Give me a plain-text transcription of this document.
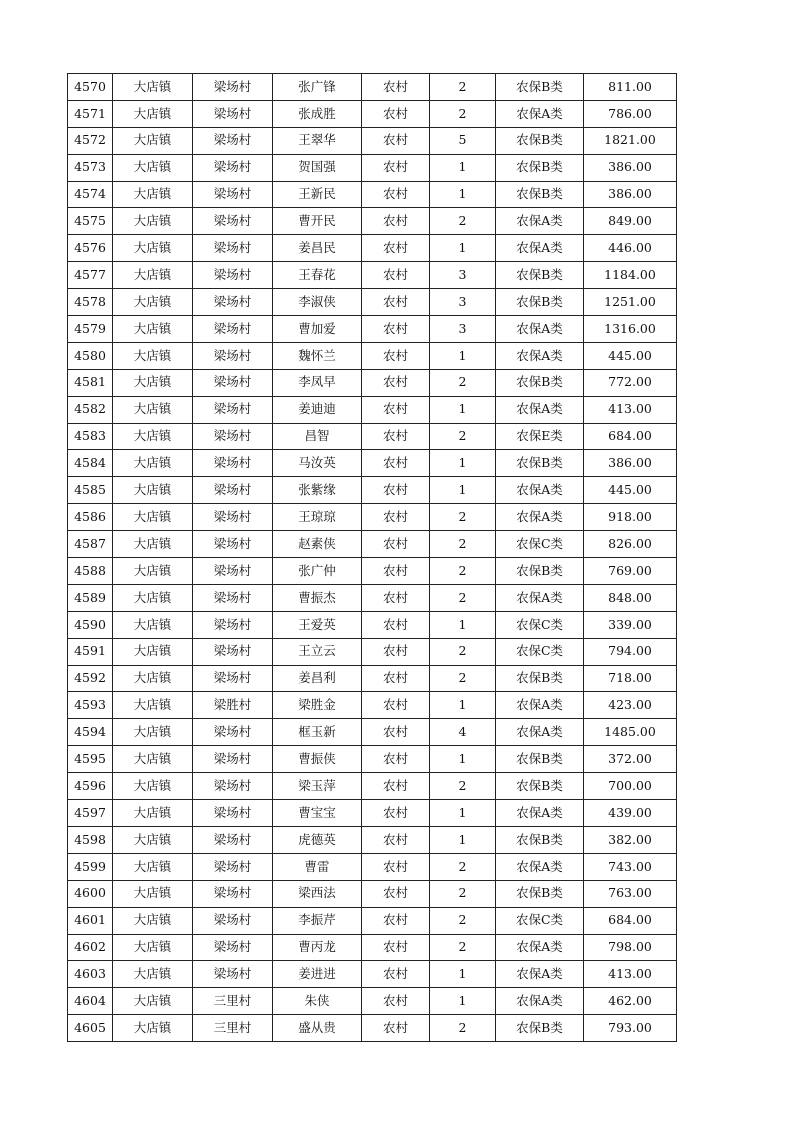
4570	大店镇	梁场村	张广锋	农村	2	农保B类	811.00
4571	大店镇	梁场村	张成胜	农村	2	农保A类	786.00
4572	大店镇	梁场村	王翠华	农村	5	农保B类	1821.00
4573	大店镇	梁场村	贺国强	农村	1	农保B类	386.00
4574	大店镇	梁场村	王新民	农村	1	农保B类	386.00
4575	大店镇	梁场村	曹开民	农村	2	农保A类	849.00
4576	大店镇	梁场村	姜昌民	农村	1	农保A类	446.00
4577	大店镇	梁场村	王春花	农村	3	农保B类	1184.00
4578	大店镇	梁场村	李淑侠	农村	3	农保B类	1251.00
4579	大店镇	梁场村	曹加爱	农村	3	农保A类	1316.00
4580	大店镇	梁场村	魏怀兰	农村	1	农保A类	445.00
4581	大店镇	梁场村	李凤早	农村	2	农保B类	772.00
4582	大店镇	梁场村	姜迪迪	农村	1	农保A类	413.00
4583	大店镇	梁场村	昌智	农村	2	农保E类	684.00
4584	大店镇	梁场村	马汝英	农村	1	农保B类	386.00
4585	大店镇	梁场村	张紫缘	农村	1	农保A类	445.00
4586	大店镇	梁场村	王琼琼	农村	2	农保A类	918.00
4587	大店镇	梁场村	赵素侠	农村	2	农保C类	826.00
4588	大店镇	梁场村	张广仲	农村	2	农保B类	769.00
4589	大店镇	梁场村	曹振杰	农村	2	农保A类	848.00
4590	大店镇	梁场村	王爱英	农村	1	农保C类	339.00
4591	大店镇	梁场村	王立云	农村	2	农保C类	794.00
4592	大店镇	梁场村	姜昌利	农村	2	农保B类	718.00
4593	大店镇	梁胜村	梁胜金	农村	1	农保A类	423.00
4594	大店镇	梁场村	框玉新	农村	4	农保A类	1485.00
4595	大店镇	梁场村	曹振侠	农村	1	农保B类	372.00
4596	大店镇	梁场村	梁玉萍	农村	2	农保B类	700.00
4597	大店镇	梁场村	曹宝宝	农村	1	农保A类	439.00
4598	大店镇	梁场村	虎德英	农村	1	农保B类	382.00
4599	大店镇	梁场村	曹雷	农村	2	农保A类	743.00
4600	大店镇	梁场村	梁西法	农村	2	农保B类	763.00
4601	大店镇	梁场村	李振芹	农村	2	农保C类	684.00
4602	大店镇	梁场村	曹丙龙	农村	2	农保A类	798.00
4603	大店镇	梁场村	姜进进	农村	1	农保A类	413.00
4604	大店镇	三里村	朱侠	农村	1	农保A类	462.00
4605	大店镇	三里村	盛从贵	农村	2	农保B类	793.00
